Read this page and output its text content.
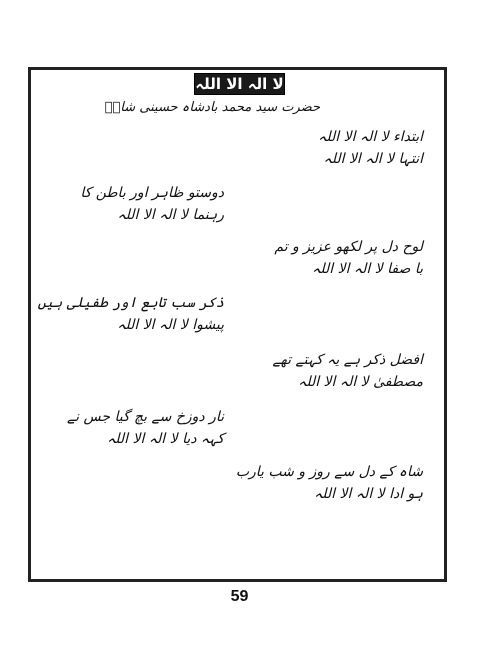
لا الہ الا اللہ
حضرت سید محمد بادشاہ حسینی شاہؒ
ابتداء لا الہ الا اللہ
انتہا لا الہ الا اللہ
لوح دل پر لکھو عزیز و تم
با صفا لا الہ الا اللہ
افضل ذکر ہے یہ کہتے تھے
مصطفیٰ لا الہ الا اللہ
شاہ کے دل سے روز و شب یارب
ہو ادا لا الہ الا اللہ
دوستو ظاہر اور باطن کا
رہنما لا الہ الا اللہ
ذکر سب تابع اور طفیلی ہیں
پیشوا لا الہ الا اللہ
نار دوزخ سے بچ گیا جس نے
کہہ دیا لا الہ الا اللہ
59
